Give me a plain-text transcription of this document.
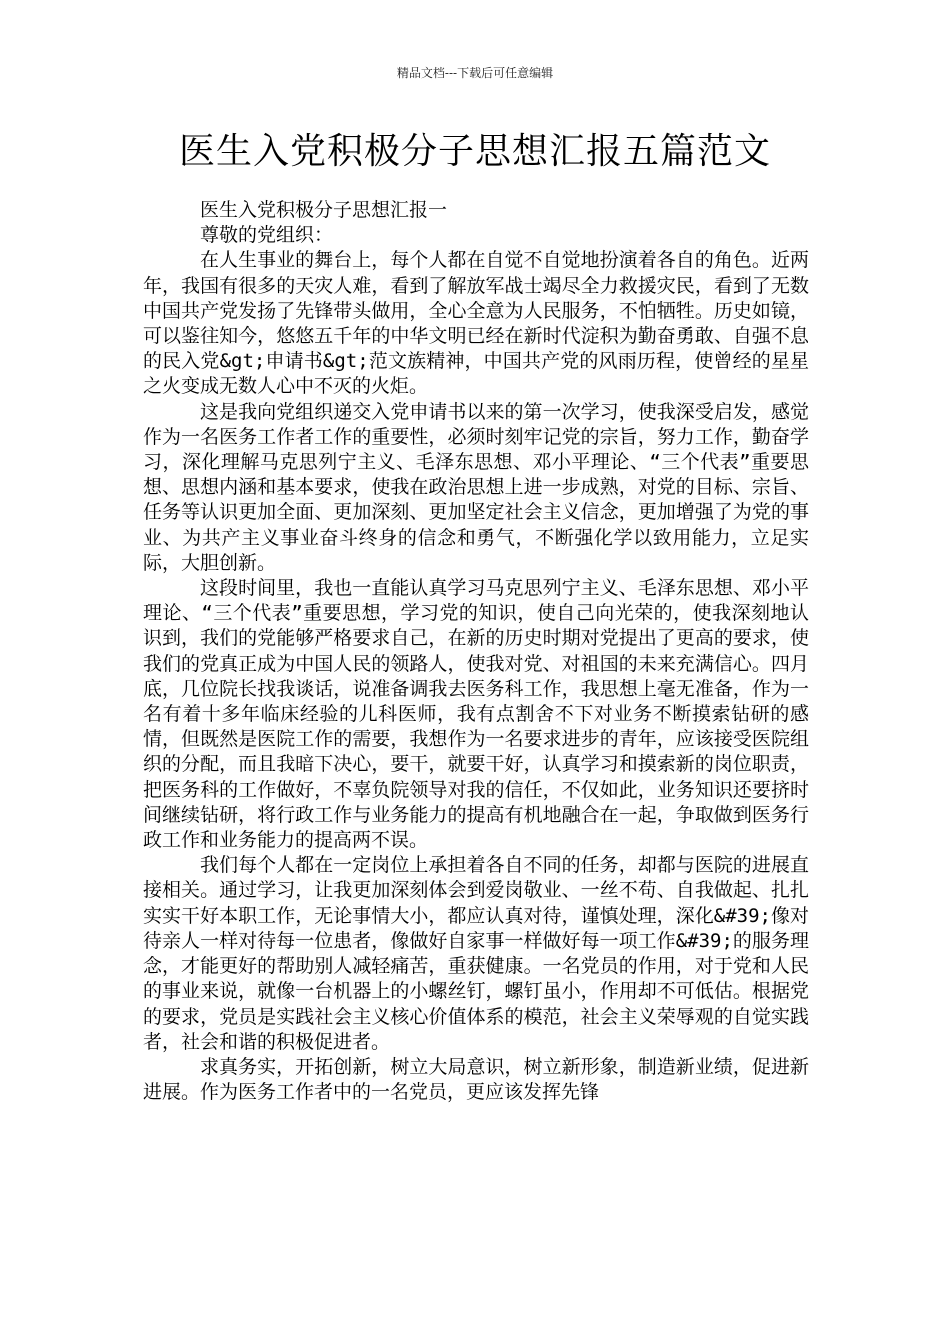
精品文档---下载后可任意编辑
医生入党积极分子思想汇报五篇范文

医生入党积极分子思想汇报一

尊敬的党组织：

在人生事业的舞台上，每个人都在自觉不自觉地扮演着各自的角色。近两年，我国有很多的天灾人难，看到了解放军战士竭尽全力救援灾民，看到了无数中国共产党发扬了先锋带头做用，全心全意为人民服务，不怕牺牲。历史如镜，可以鉴往知今，悠悠五千年的中华文明已经在新时代淀积为勤奋勇敢、自强不息的民入党&gt;申请书&gt;范文族精神，中国共产党的风雨历程，使曾经的星星之火变成无数人心中不灭的火炬。

这是我向党组织递交入党申请书以来的第一次学习，使我深受启发，感觉作为一名医务工作者工作的重要性，必须时刻牢记党的宗旨，努力工作，勤奋学习，深化理解马克思列宁主义、毛泽东思想、邓小平理论、“三个代表”重要思想、思想内涵和基本要求，使我在政治思想上进一步成熟，对党的目标、宗旨、任务等认识更加全面、更加深刻、更加坚定社会主义信念，更加增强了为党的事业、为共产主义事业奋斗终身的信念和勇气，不断强化学以致用能力，立足实际，大胆创新。

这段时间里，我也一直能认真学习马克思列宁主义、毛泽东思想、邓小平理论、“三个代表”重要思想，学习党的知识，使自己向光荣的，使我深刻地认识到，我们的党能够严格要求自己，在新的历史时期对党提出了更高的要求，使我们的党真正成为中国人民的领路人，使我对党、对祖国的未来充满信心。四月底，几位院长找我谈话，说准备调我去医务科工作，我思想上毫无准备，作为一名有着十多年临床经验的儿科医师，我有点割舍不下对业务不断摸索钻研的感情，但既然是医院工作的需要，我想作为一名要求进步的青年，应该接受医院组织的分配，而且我暗下决心，要干，就要干好，认真学习和摸索新的岗位职责，把医务科的工作做好，不辜负院领导对我的信任，不仅如此，业务知识还要挤时间继续钻研，将行政工作与业务能力的提高有机地融合在一起，争取做到医务行政工作和业务能力的提高两不误。

我们每个人都在一定岗位上承担着各自不同的任务，却都与医院的进展直接相关。通过学习，让我更加深刻体会到爱岗敬业、一丝不苟、自我做起、扎扎实实干好本职工作，无论事情大小，都应认真对待，谨慎处理，深化&#39;像对待亲人一样对待每一位患者，像做好自家事一样做好每一项工作&#39;的服务理念，才能更好的帮助别人减轻痛苦，重获健康。一名党员的作用，对于党和人民的事业来说，就像一台机器上的小螺丝钉，螺钉虽小，作用却不可低估。根据党的要求，党员是实践社会主义核心价值体系的模范，社会主义荣辱观的自觉实践者，社会和谐的积极促进者。

求真务实，开拓创新，树立大局意识，树立新形象，制造新业绩，促进新进展。作为医务工作者中的一名党员，更应该发挥先锋
